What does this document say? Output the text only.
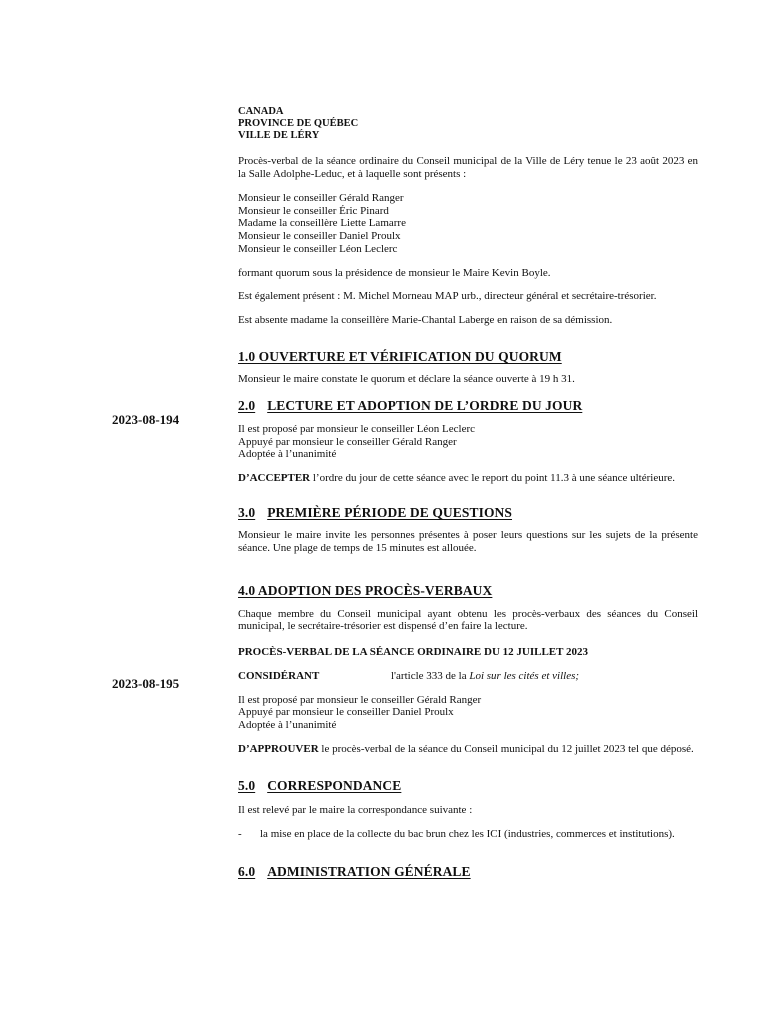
2023-08-194
2023-08-195

CANADA

PROVINCE DE QUÉBEC

VILLE DE LÉRY

Procès-verbal de la séance ordinaire du Conseil municipal de la Ville de Léry tenue le 23 août 2023 en la Salle Adolphe-Leduc, et à laquelle sont présents :

Monsieur le conseiller Gérald Ranger

Monsieur le conseiller Éric Pinard

Madame la conseillère Liette Lamarre

Monsieur le conseiller Daniel Proulx

Monsieur le conseiller Léon Leclerc

formant quorum sous la présidence de monsieur le Maire Kevin Boyle.

Est également présent : M. Michel Morneau MAP urb., directeur général et secrétaire-trésorier.

Est absente madame la conseillère Marie-Chantal Laberge en raison de sa démission.

1.0 OUVERTURE ET VÉRIFICATION DU QUORUM

Monsieur le maire constate le quorum et déclare la séance ouverte à 19 h 31.

2.0 LECTURE ET ADOPTION DE L’ORDRE DU JOUR

Il est proposé par monsieur le conseiller Léon Leclerc

Appuyé par monsieur le conseiller Gérald Ranger

Adoptée à l’unanimité

D’ACCEPTER l’ordre du jour de cette séance avec le report du point 11.3 à une séance ultérieure.

3.0 PREMIÈRE PÉRIODE DE QUESTIONS

Monsieur le maire invite les personnes présentes à poser leurs questions sur les sujets de la présente séance. Une plage de temps de 15 minutes est allouée.

4.0 ADOPTION DES PROCÈS-VERBAUX

Chaque membre du Conseil municipal ayant obtenu les procès-verbaux des séances du Conseil municipal, le secrétaire-trésorier est dispensé d’en faire la lecture.

PROCÈS-VERBAL DE LA SÉANCE ORDINAIRE DU 12 JUILLET 2023

CONSIDÉRANT	l'article 333 de la Loi sur les cités et villes;

Il est proposé par monsieur le conseiller Gérald Ranger

Appuyé par monsieur le conseiller Daniel Proulx

Adoptée à l’unanimité

D’APPROUVER le procès-verbal de la séance du Conseil municipal du 12 juillet 2023 tel que déposé.

5.0 CORRESPONDANCE

Il est relevé par le maire la correspondance suivante :

-	la mise en place de la collecte du bac brun chez les ICI (industries, commerces et institutions).
6.0 ADMINISTRATION GÉNÉRALE
